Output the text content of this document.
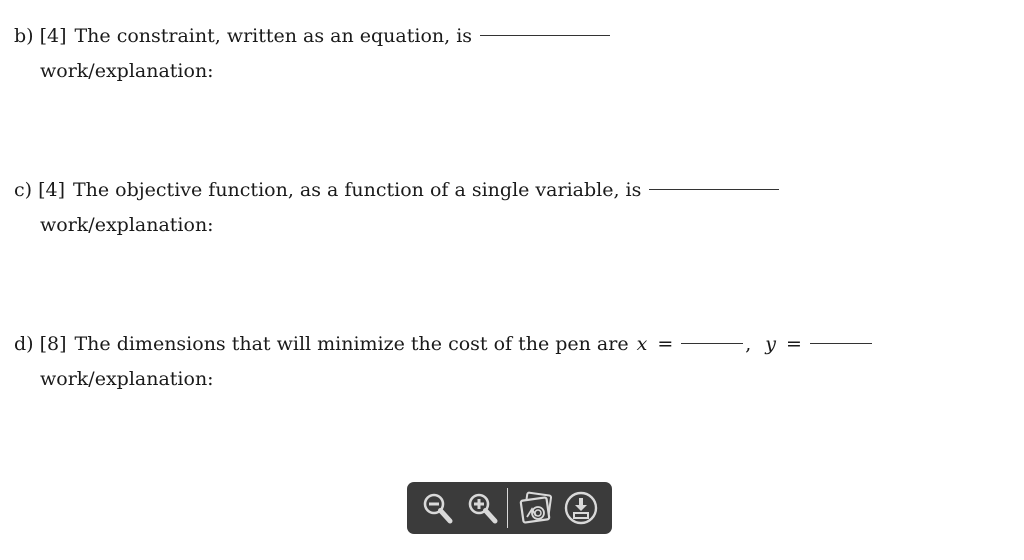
b) [4] The constraint, written as an equation, is
work/explanation:
c) [4] The objective function, as a function of a single variable, is
work/explanation:
d) [8] The dimensions that will minimize the cost of the pen are x =	, y =
work/explanation:
